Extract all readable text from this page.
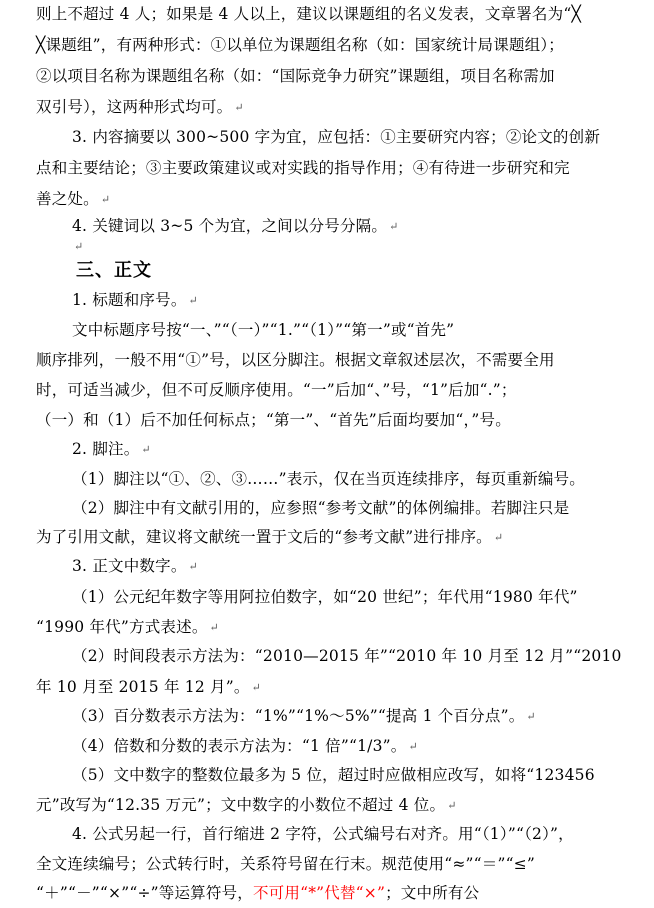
则上不超过 4 人；如果是 4 人以上，建议以课题组的名义发表，文章署名为“╳
╳课题组”，有两种形式：①以单位为课题组名称（如：国家统计局课题组）；
②以项目名称为课题组名称（如：“国际竞争力研究”课题组，项目名称需加
双引号），这两种形式均可。 ↵
3. 内容摘要以 300~500 字为宜，应包括：①主要研究内容；②论文的创新
点和主要结论；③主要政策建议或对实践的指导作用；④有待进一步研究和完
善之处。 ↵
4. 关键词以 3~5 个为宜，之间以分号分隔。 ↵
↵
三、正文
1. 标题和序号。 ↵
文中标题序号按“一、”“（一）”“1.”“（1）”“第一”或“首先”
顺序排列，一般不用“①”号，以区分脚注。根据文章叙述层次，不需要全用
时，可适当减少，但不可反顺序使用。“一”后加“、”号，“1”后加“.”；
（一）和（1）后不加任何标点；“第一”、“首先”后面均要加“，”号。
2. 脚注。 ↵
（1）脚注以“①、②、③……”表示，仅在当页连续排序，每页重新编号。
（2）脚注中有文献引用的，应参照“参考文献”的体例编排。若脚注只是
为了引用文献，建议将文献统一置于文后的“参考文献”进行排序。 ↵
3. 正文中数字。 ↵
（1）公元纪年数字等用阿拉伯数字，如“20 世纪”；年代用“1980 年代”
“1990 年代”方式表述。 ↵
（2）时间段表示方法为：“2010—2015 年”“2010 年 10 月至 12 月”“2010
年 10 月至 2015 年 12 月”。 ↵
（3）百分数表示方法为：“1%”“1%～5%”“提高 1 个百分点”。 ↵
（4）倍数和分数的表示方法为：“1 倍”“1/3”。 ↵
（5）文中数字的整数位最多为 5 位，超过时应做相应改写，如将“123456
元”改写为“12.35 万元”；文中数字的小数位不超过 4 位。 ↵
4. 公式另起一行，首行缩进 2 字符，公式编号右对齐。用“（1）”“（2）”，
全文连续编号；公式转行时，关系符号留在行末。规范使用“≈”“＝”“≤”
“＋”“－”“×”“÷”等运算符号，不可用“*”代替“×”；文中所有公
